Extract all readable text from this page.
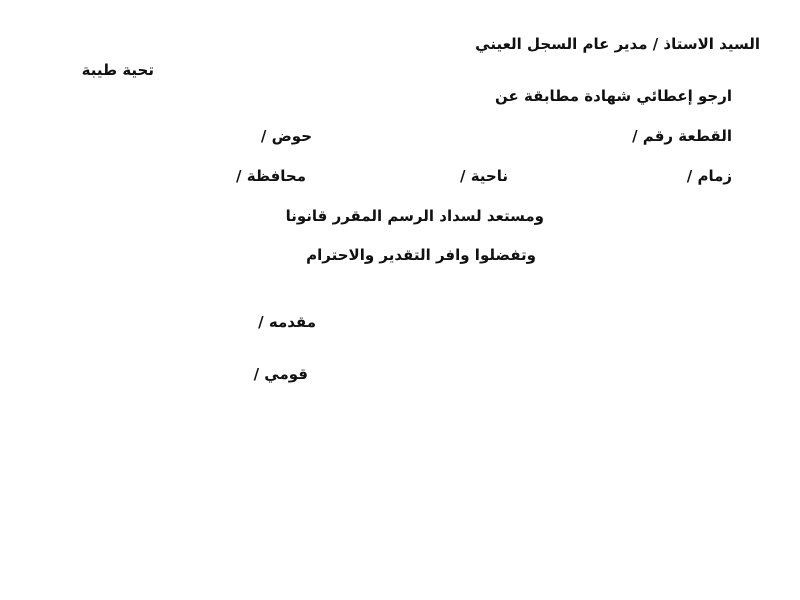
السيد الاستاذ / مدير عام السجل العيني
تحية طيبة
ارجو إعطائي شهادة مطابقة عن
القطعة رقم /
حوض /
زمام /
ناحية /
محافظة /
ومستعد لسداد الرسم المقرر قانونا
وتفضلوا وافر التقدير والاحترام
مقدمه /
قومي /
